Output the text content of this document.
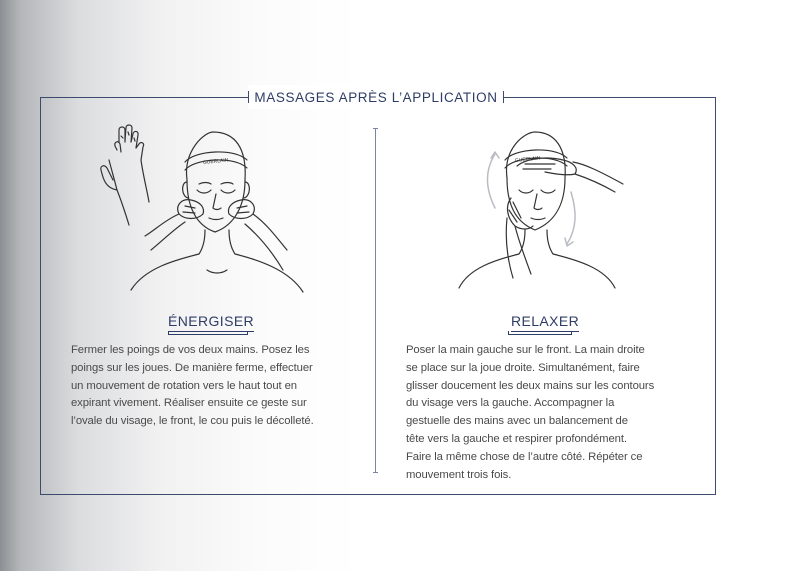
MASSAGES APRÈS L’APPLICATION
GUERLAIN	GUERLAIN
ÉNERGISER
Fermer les poings de vos deux mains. Posez les
poings sur les joues. De manière ferme, effectuer
un mouvement de rotation vers le haut tout en
expirant vivement. Réaliser ensuite ce geste sur
l’ovale du visage, le front, le cou puis le décolleté.
RELAXER
Poser la main gauche sur le front. La main droite
se place sur la joue droite. Simultanément, faire
glisser doucement les deux mains sur les contours
du visage vers la gauche. Accompagner la
gestuelle des mains avec un balancement de
tête vers la gauche et respirer profondément.
Faire la même chose de l’autre côté. Répéter ce
mouvement trois fois.
